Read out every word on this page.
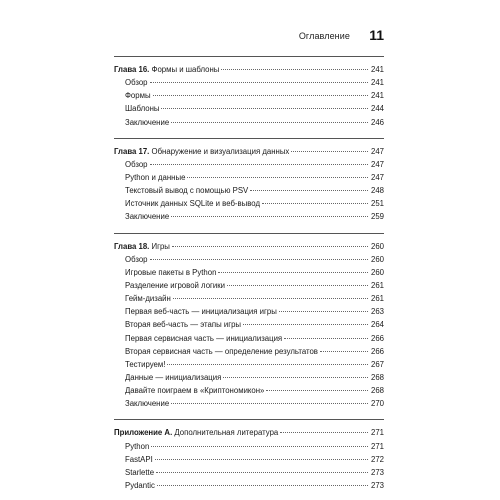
Оглавление 11
Глава 16. Формы и шаблоны	241
Обзор	241
Формы	241
Шаблоны	244
Заключение	246
Глава 17. Обнаружение и визуализация данных	247
Обзор	247
Python и данные	247
Текстовый вывод с помощью PSV	248
Источник данных SQLite и веб-вывод	251
Заключение	259
Глава 18. Игры	260
Обзор	260
Игровые пакеты в Python	260
Разделение игровой логики	261
Гейм-дизайн	261
Первая веб-часть — инициализация игры	263
Вторая веб-часть — этапы игры	264
Первая сервисная часть — инициализация	266
Вторая сервисная часть — определение результатов	266
Тестируем!	267
Данные — инициализация	268
Давайте поиграем в «Криптономикон»	268
Заключение	270
Приложение А. Дополнительная литература	271
Python	271
FastAPI	272
Starlette	273
Pydantic	273
